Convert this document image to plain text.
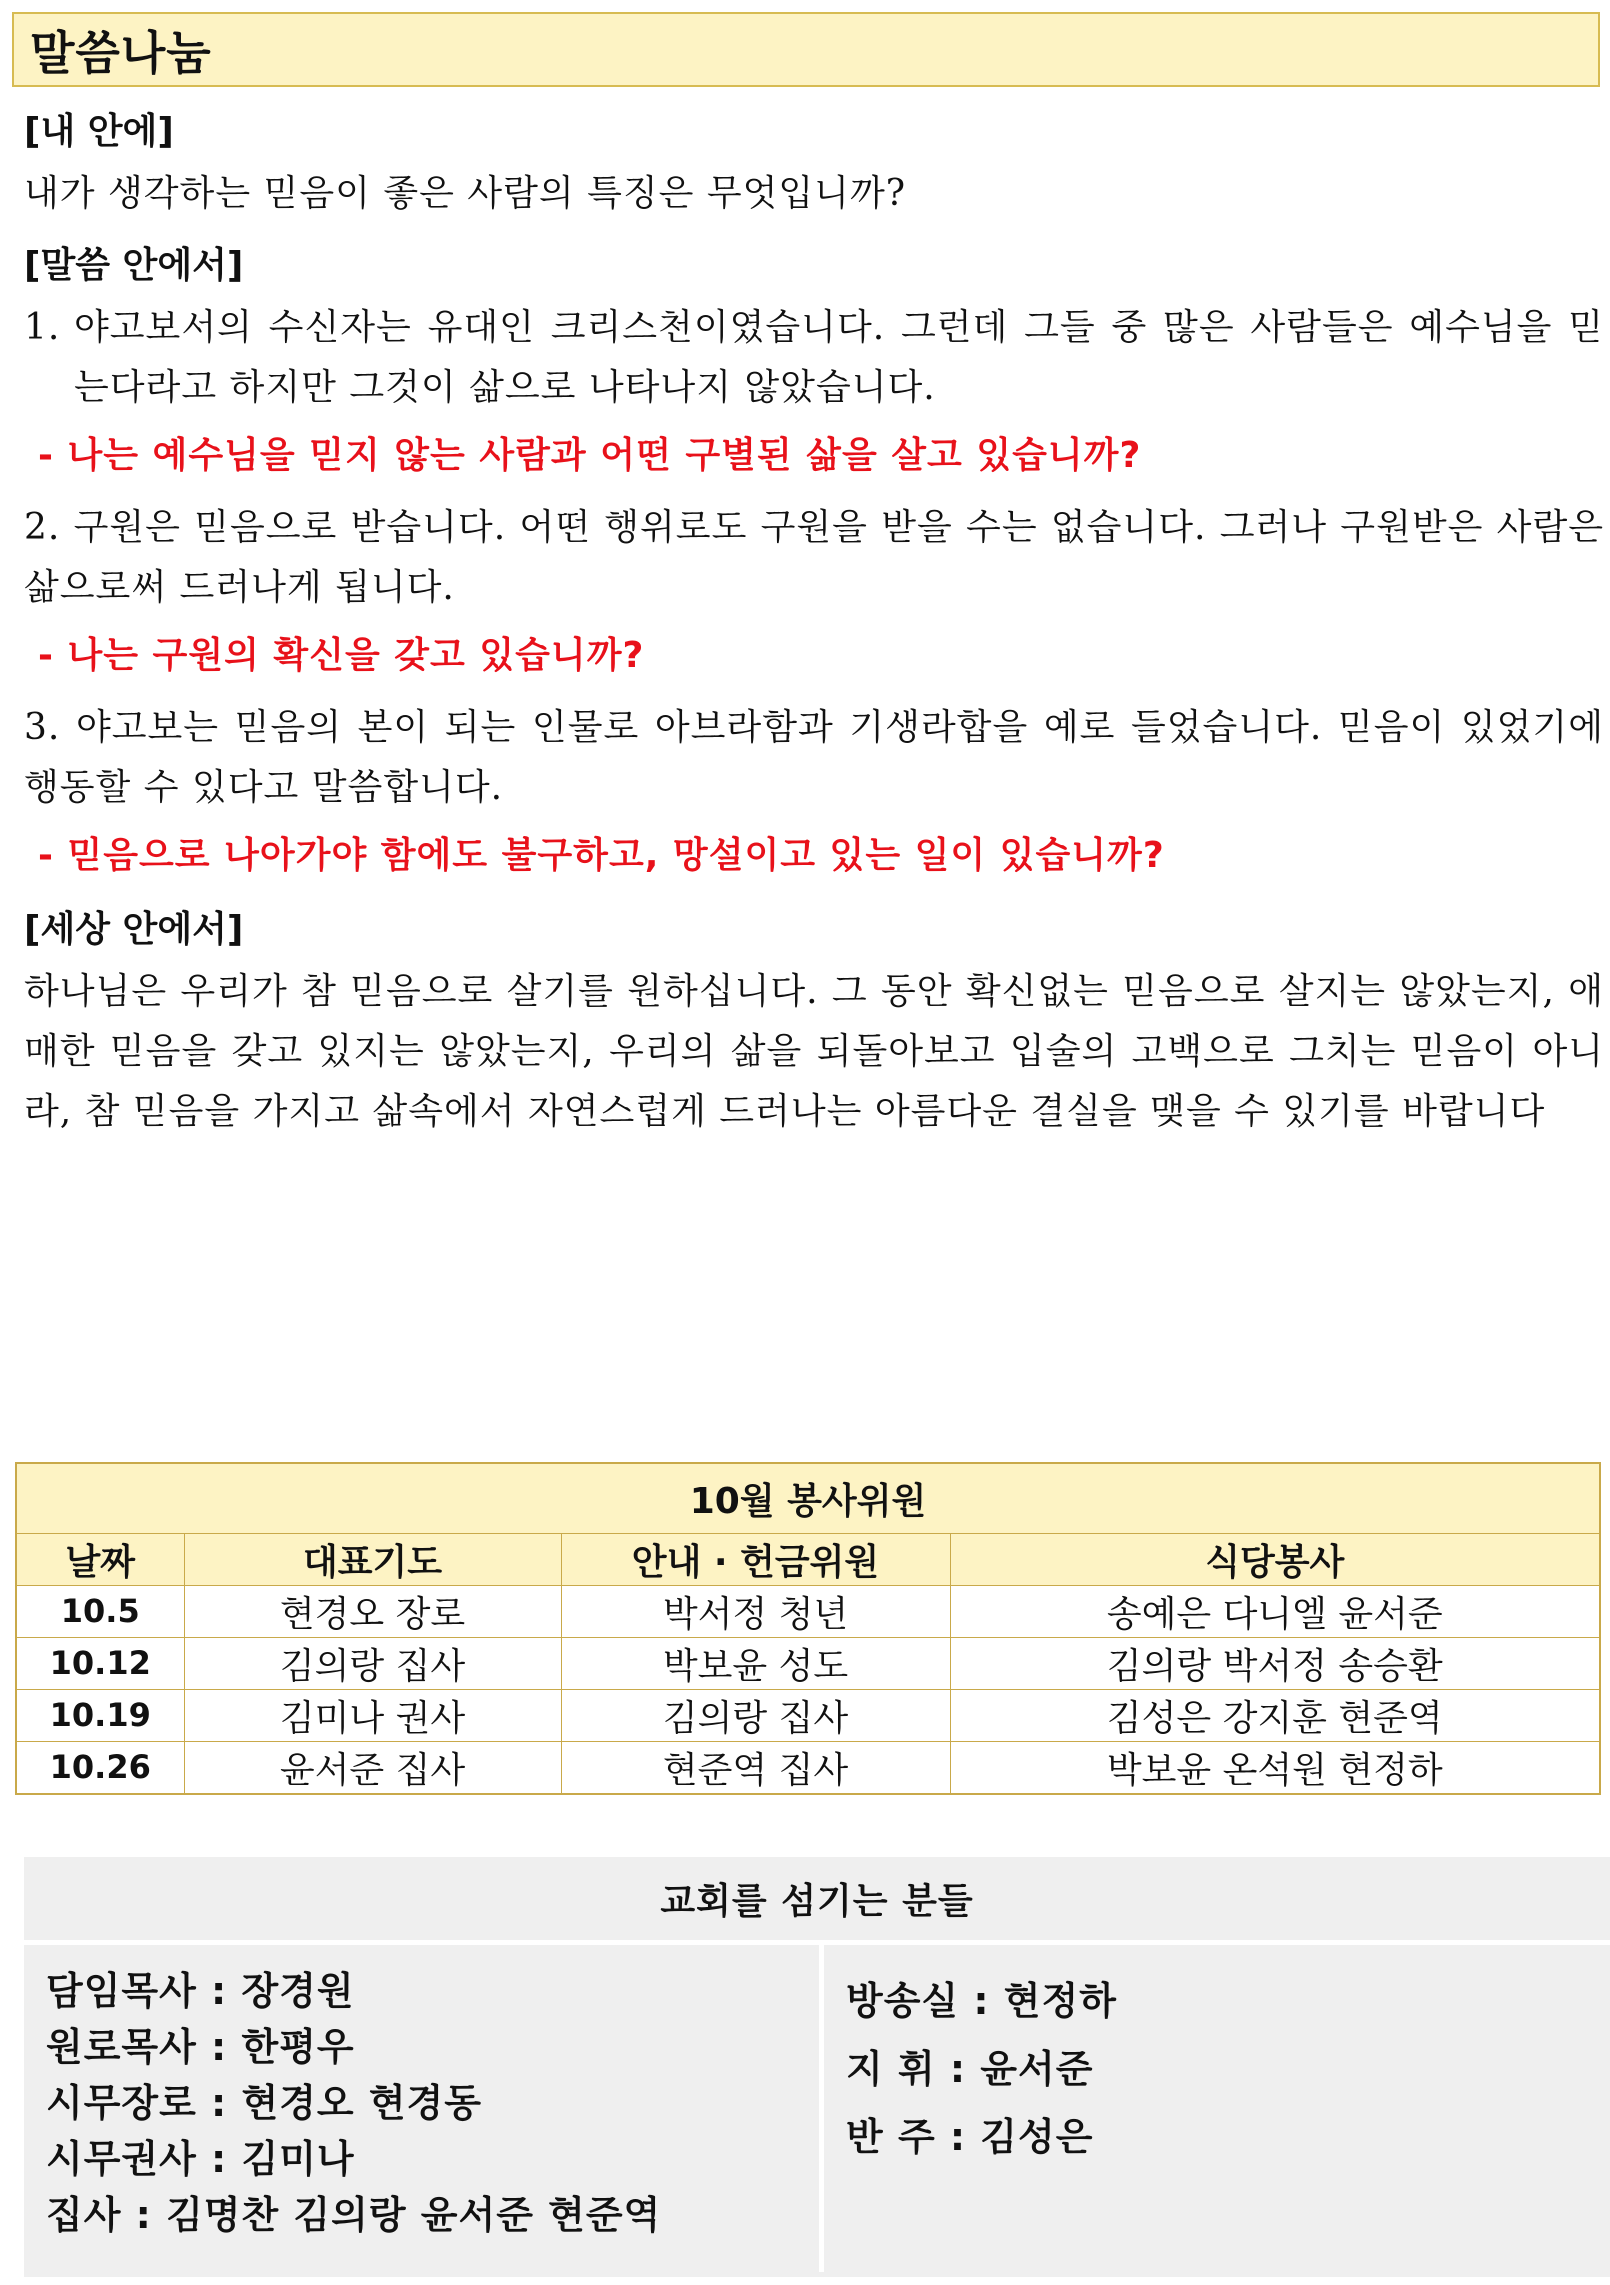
말씀나눔
[내 안에]
내가 생각하는 믿음이 좋은 사람의 특징은 무엇입니까?
[말씀 안에서]
1. 야고보서의 수신자는 유대인 크리스천이였습니다. 그런데 그들 중 많은 사람들은 예수님을 믿는다라고 하지만 그것이 삶으로 나타나지 않았습니다.
- 나는 예수님을 믿지 않는 사람과 어떤 구별된 삶을 살고 있습니까?
2. 구원은 믿음으로 받습니다. 어떤 행위로도 구원을 받을 수는 없습니다. 그러나 구원받은 사람은 삶으로써 드러나게 됩니다.
- 나는 구원의 확신을 갖고 있습니까?
3. 야고보는 믿음의 본이 되는 인물로 아브라함과 기생라합을 예로 들었습니다. 믿음이 있었기에 행동할 수 있다고 말씀합니다.
- 믿음으로 나아가야 함에도 불구하고, 망설이고 있는 일이 있습니까?
[세상 안에서]
하나님은 우리가 참 믿음으로 살기를 원하십니다. 그 동안 확신없는 믿음으로 살지는 않았는지, 애매한 믿음을 갖고 있지는 않았는지, 우리의 삶을 되돌아보고 입술의 고백으로 그치는 믿음이 아니라, 참 믿음을 가지고 삶속에서 자연스럽게 드러나는 아름다운 결실을 맺을 수 있기를 바랍니다
10월 봉사위원			
날짜	대표기도	안내 · 헌금위원	식당봉사
10.5	현경오 장로	박서정 청년	송예은 다니엘 윤서준
10.12	김의랑 집사	박보윤 성도	김의랑 박서정 송승환
10.19	김미나 권사	김의랑 집사	김성은 강지훈 현준역
10.26	윤서준 집사	현준역 집사	박보윤 온석원 현정하
교회를 섬기는 분들
담임목사 : 장경원
원로목사 : 한평우
시무장로 : 현경오 현경동
시무권사 : 김미나
집사 : 김명찬 김의랑 윤서준 현준역
방송실 : 현정하
지 휘 : 윤서준
반 주 : 김성은
